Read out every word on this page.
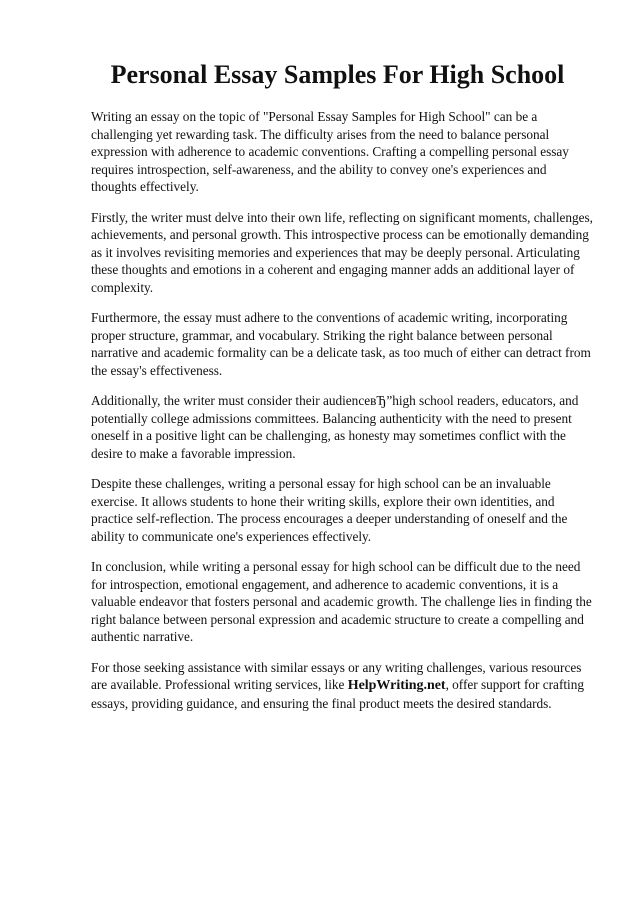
Personal Essay Samples For High School

Writing an essay on the topic of "Personal Essay Samples for High School" can be a challenging yet rewarding task. The difficulty arises from the need to balance personal expression with adherence to academic conventions. Crafting a compelling personal essay requires introspection, self-awareness, and the ability to convey one's experiences and thoughts effectively.

Firstly, the writer must delve into their own life, reflecting on significant moments, challenges, achievements, and personal growth. This introspective process can be emotionally demanding as it involves revisiting memories and experiences that may be deeply personal. Articulating these thoughts and emotions in a coherent and engaging manner adds an additional layer of complexity.

Furthermore, the essay must adhere to the conventions of academic writing, incorporating proper structure, grammar, and vocabulary. Striking the right balance between personal narrative and academic formality can be a delicate task, as too much of either can detract from the essay's effectiveness.

Additionally, the writer must consider their audienceвЂ”high school readers, educators, and potentially college admissions committees. Balancing authenticity with the need to present oneself in a positive light can be challenging, as honesty may sometimes conflict with the desire to make a favorable impression.

Despite these challenges, writing a personal essay for high school can be an invaluable exercise. It allows students to hone their writing skills, explore their own identities, and practice self-reflection. The process encourages a deeper understanding of oneself and the ability to communicate one's experiences effectively.

In conclusion, while writing a personal essay for high school can be difficult due to the need for introspection, emotional engagement, and adherence to academic conventions, it is a valuable endeavor that fosters personal and academic growth. The challenge lies in finding the right balance between personal expression and academic structure to create a compelling and authentic narrative.

For those seeking assistance with similar essays or any writing challenges, various resources are available. Professional writing services, like HelpWriting.net, offer support for crafting essays, providing guidance, and ensuring the final product meets the desired standards.
